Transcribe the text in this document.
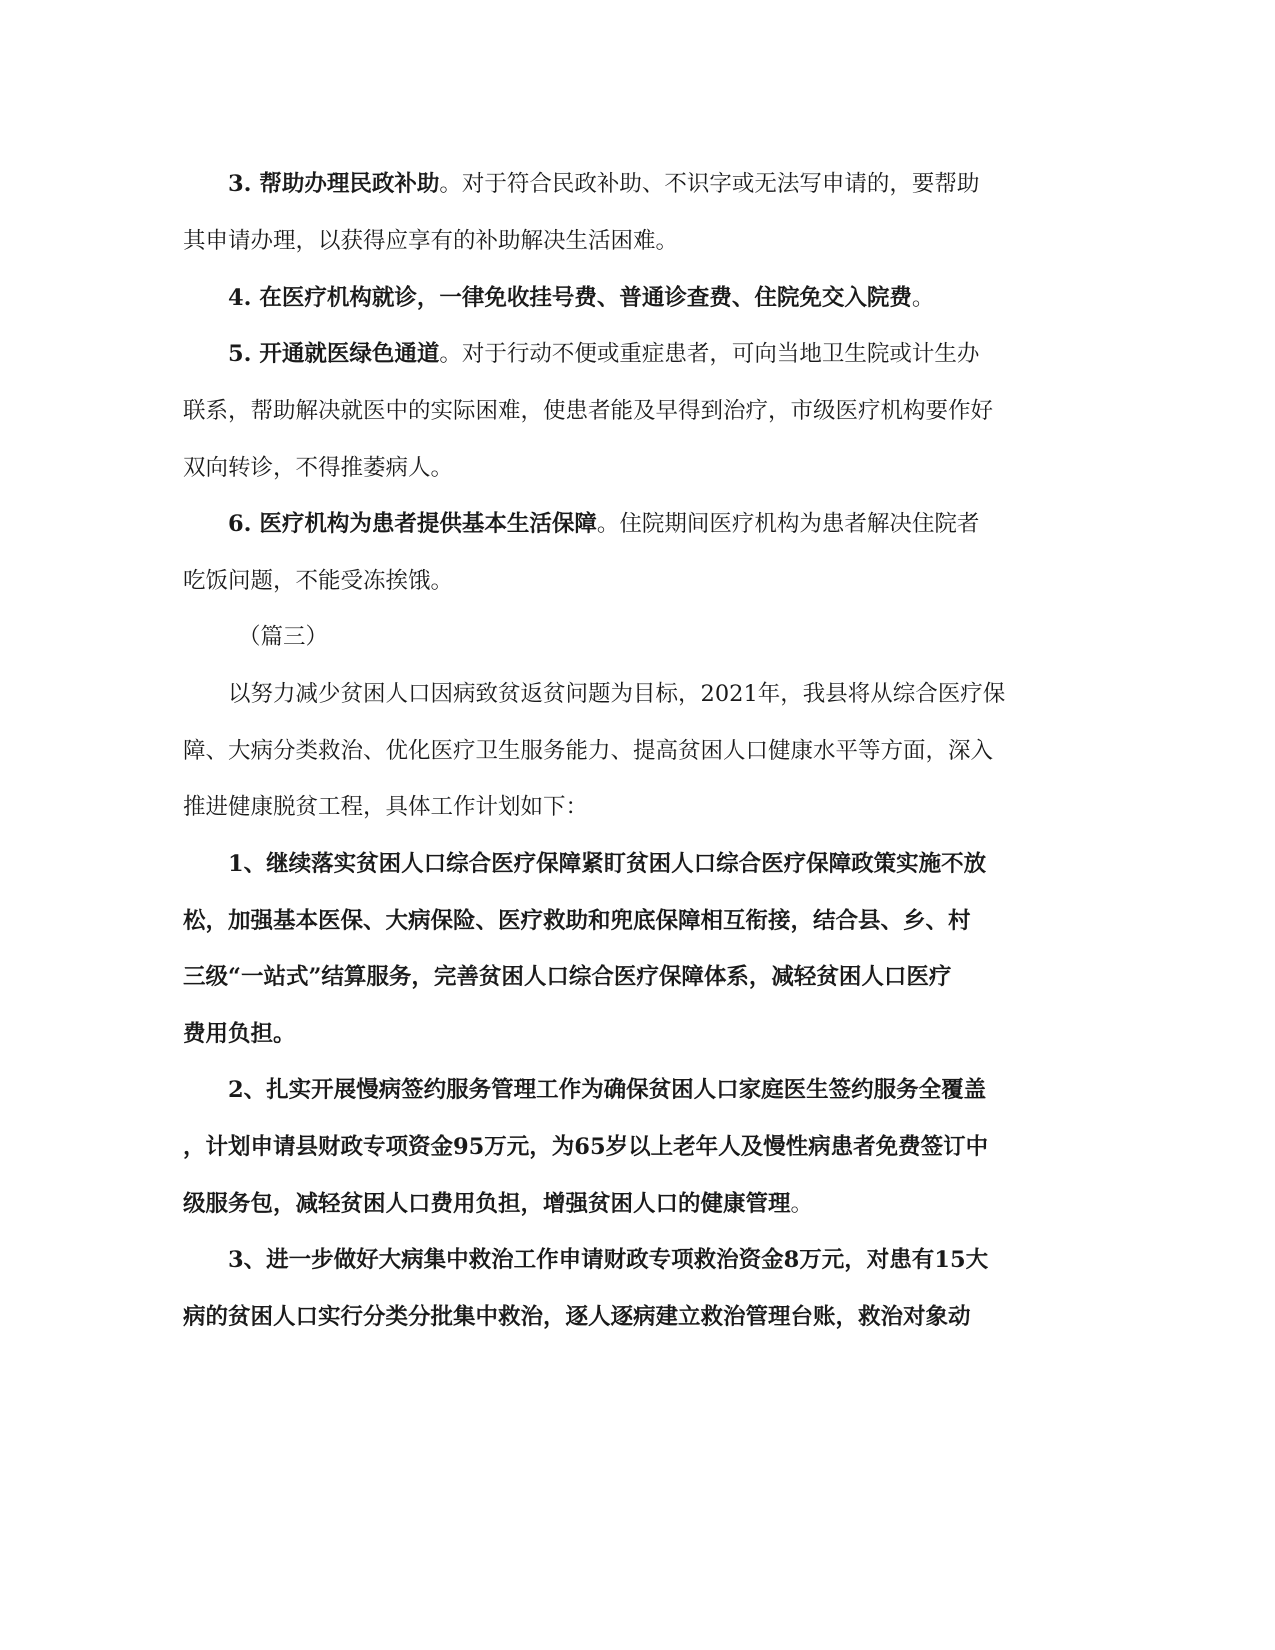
3. 帮助办理民政补助。对于符合民政补助、不识字或无法写申请的，要帮助
其申请办理，以获得应享有的补助解决生活困难。
4. 在医疗机构就诊，一律免收挂号费、普通诊查费、住院免交入院费。
5. 开通就医绿色通道。对于行动不便或重症患者，可向当地卫生院或计生办
联系，帮助解决就医中的实际困难，使患者能及早得到治疗，市级医疗机构要作好
双向转诊，不得推萎病人。
6. 医疗机构为患者提供基本生活保障。住院期间医疗机构为患者解决住院者
吃饭问题，不能受冻挨饿。
（篇三）
以努力减少贫困人口因病致贫返贫问题为目标，2021年，我县将从综合医疗保
障、大病分类救治、优化医疗卫生服务能力、提高贫困人口健康水平等方面，深入
推进健康脱贫工程，具体工作计划如下：
1、继续落实贫困人口综合医疗保障紧盯贫困人口综合医疗保障政策实施不放
松，加强基本医保、大病保险、医疗救助和兜底保障相互衔接，结合县、乡、村
三级“一站式”结算服务，完善贫困人口综合医疗保障体系，减轻贫困人口医疗
费用负担。
2、扎实开展慢病签约服务管理工作为确保贫困人口家庭医生签约服务全覆盖
，计划申请县财政专项资金95万元，为65岁以上老年人及慢性病患者免费签订中
级服务包，减轻贫困人口费用负担，增强贫困人口的健康管理。
3、进一步做好大病集中救治工作申请财政专项救治资金8万元，对患有15大
病的贫困人口实行分类分批集中救治，逐人逐病建立救治管理台账，救治对象动
